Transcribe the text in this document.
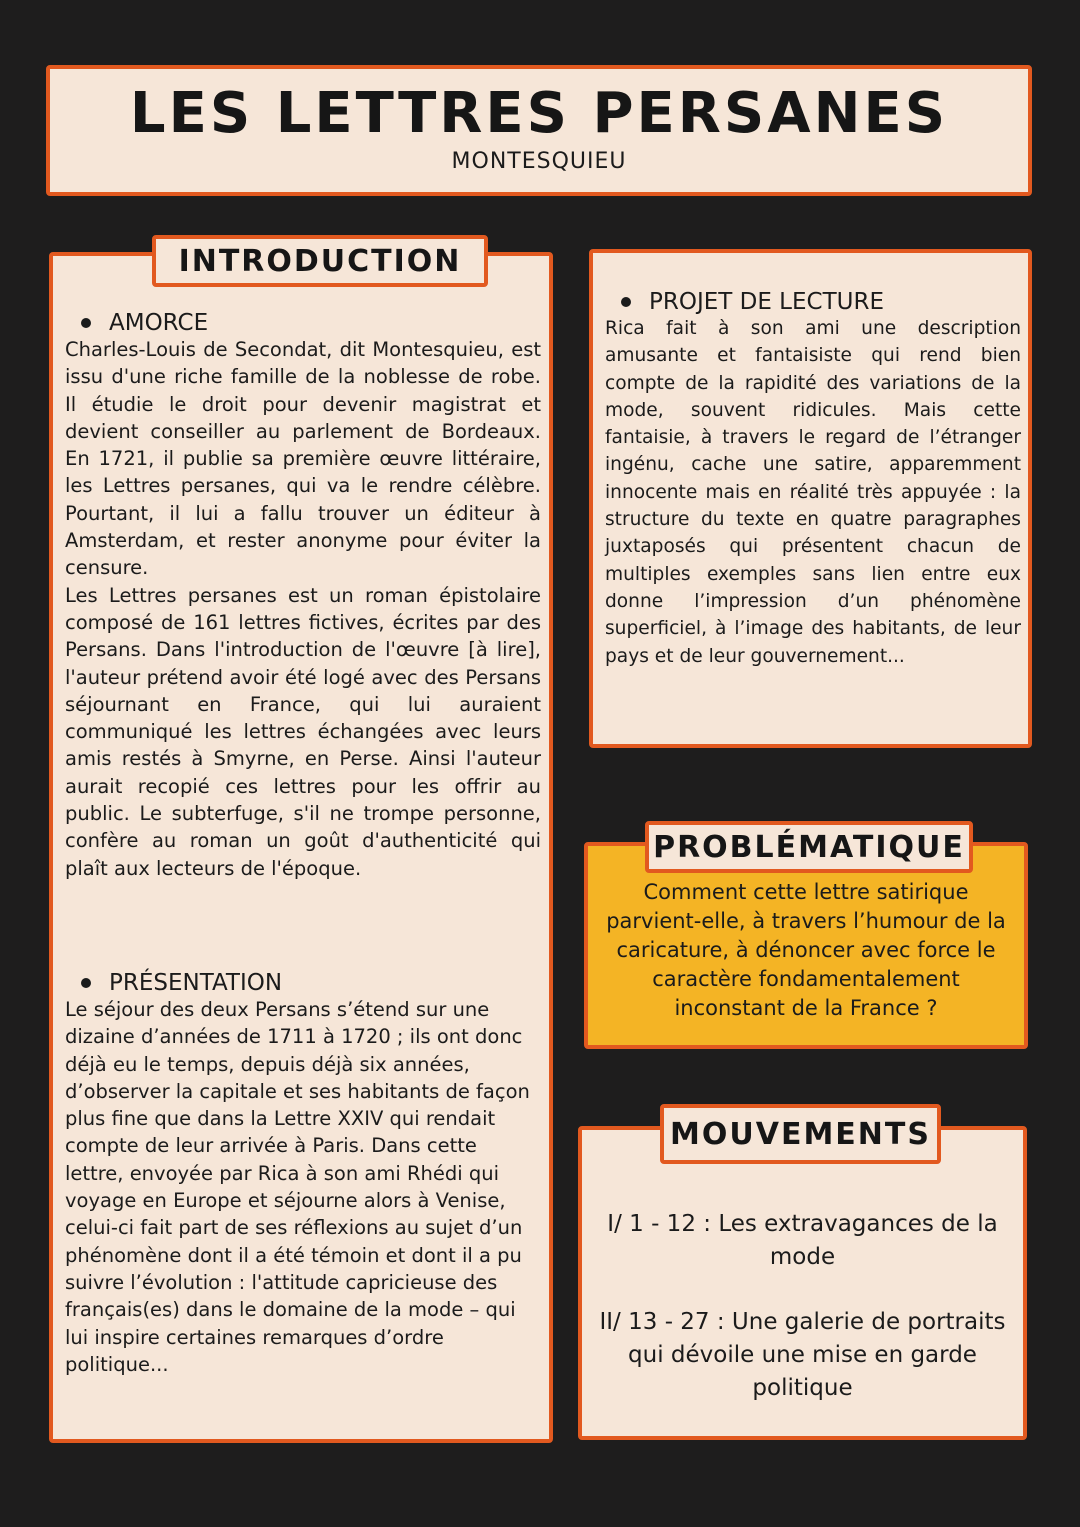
LES LETTRES PERSANES
MONTESQUIEU
INTRODUCTION

AMORCE

Charles-Louis de Secondat, dit Montesquieu, est issu d'une riche famille de la noblesse de robe. Il étudie le droit pour devenir magistrat et devient conseiller au parlement de Bordeaux. En 1721, il publie sa première œuvre littéraire, les Lettres persanes, qui va le rendre célèbre. Pourtant, il lui a fallu trouver un éditeur à Amsterdam, et rester anonyme pour éviter la censure.

Les Lettres persanes est un roman épistolaire composé de 161 lettres fictives, écrites par des Persans. Dans l'introduction de l'œuvre [à lire], l'auteur prétend avoir été logé avec des Persans séjournant en France, qui lui auraient communiqué les lettres échangées avec leurs amis restés à Smyrne, en Perse. Ainsi l'auteur aurait recopié ces lettres pour les offrir au public. Le subterfuge, s'il ne trompe personne, confère au roman un goût d'authenticité qui plaît aux lecteurs de l'époque.

PRÉSENTATION

Le séjour des deux Persans s’étend sur une dizaine d’années de 1711 à 1720 ; ils ont donc déjà eu le temps, depuis déjà six années, d’observer la capitale et ses habitants de façon plus fine que dans la Lettre XXIV qui rendait compte de leur arrivée à Paris. Dans cette lettre, envoyée par Rica à son ami Rhédi qui voyage en Europe et séjourne alors à Venise, celui-ci fait part de ses réflexions au sujet d’un phénomène dont il a été témoin et dont il a pu suivre l’évolution : l'attitude capricieuse des français(es) dans le domaine de la mode – qui lui inspire certaines remarques d’ordre politique...

PROJET DE LECTURE

Rica fait à son ami une description amusante et fantaisiste qui rend bien compte de la rapidité des variations de la mode, souvent ridicules. Mais cette fantaisie, à travers le regard de l’étranger ingénu, cache une satire, apparemment innocente mais en réalité très appuyée : la structure du texte en quatre paragraphes juxtaposés qui présentent chacun de multiples exemples sans lien entre eux donne l’impression d’un phénomène superficiel, à l’image des habitants, de leur pays et de leur gouvernement...

PROBLÉMATIQUE
Comment cette lettre satirique parvient-elle, à travers l’humour de la caricature, à dénoncer avec force le caractère fondamentalement inconstant de la France ?
MOUVEMENTS

I/ 1 - 12 : Les extravagances de la mode

II/ 13 - 27 : Une galerie de portraits qui dévoile une mise en garde politique
